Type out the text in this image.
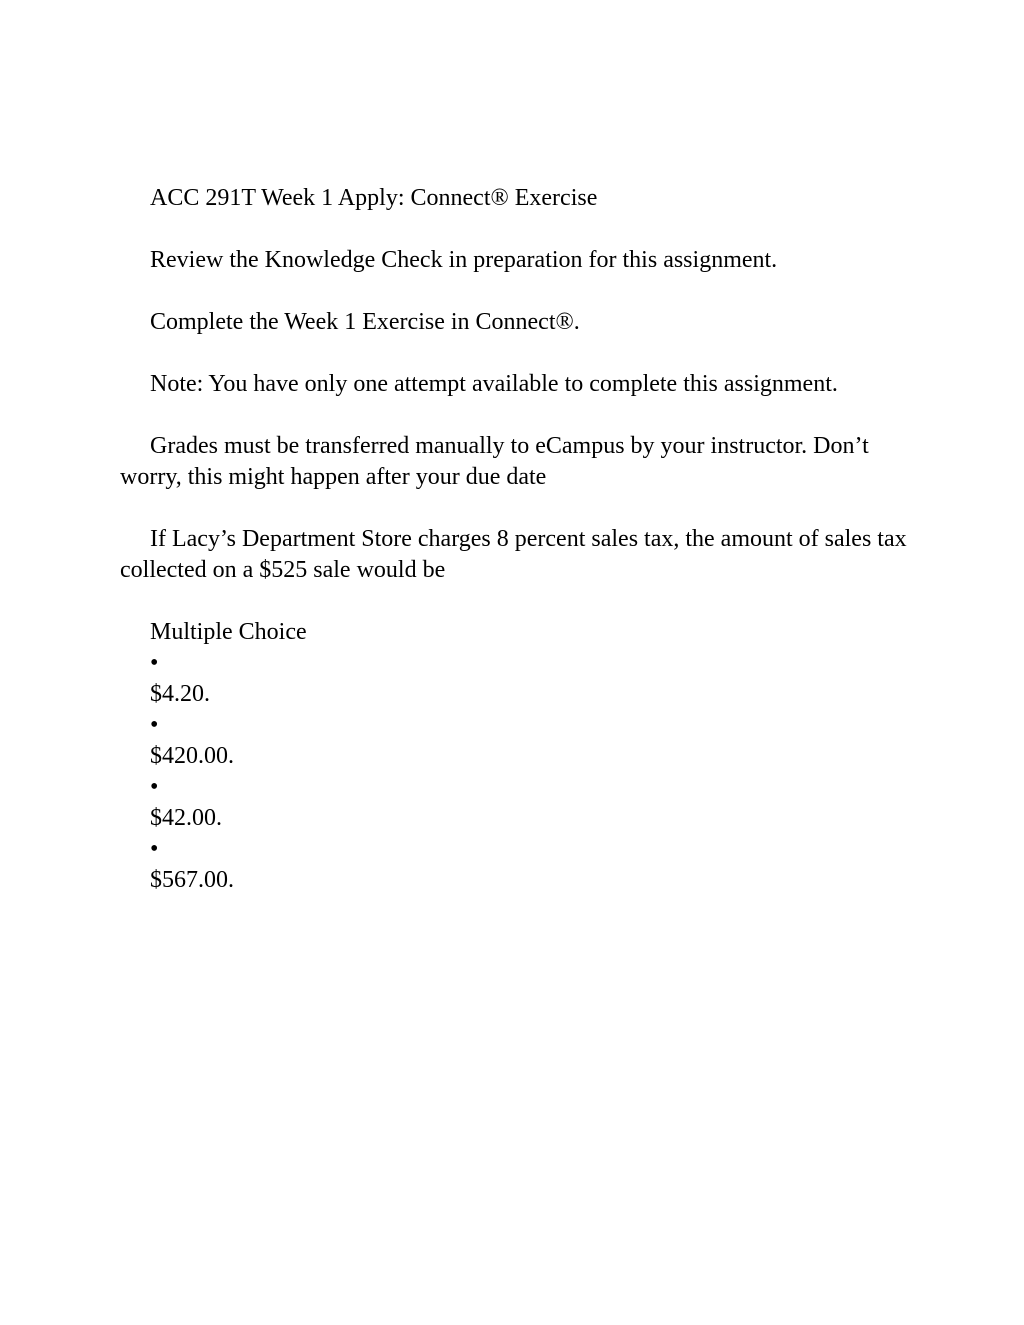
ACC 291T Week 1 Apply: Connect® Exercise

Review the Knowledge Check in preparation for this assignment.

Complete the Week 1 Exercise in Connect®.

Note: You have only one attempt available to complete this assignment.

Grades must be transferred manually to eCampus by your instructor. Don’t worry, this might happen after your due date

If Lacy’s Department Store charges 8 percent sales tax, the amount of sales tax collected on a $525 sale would be

Multiple Choice

•

$4.20.

•

$420.00.

•

$42.00.

•

$567.00.
